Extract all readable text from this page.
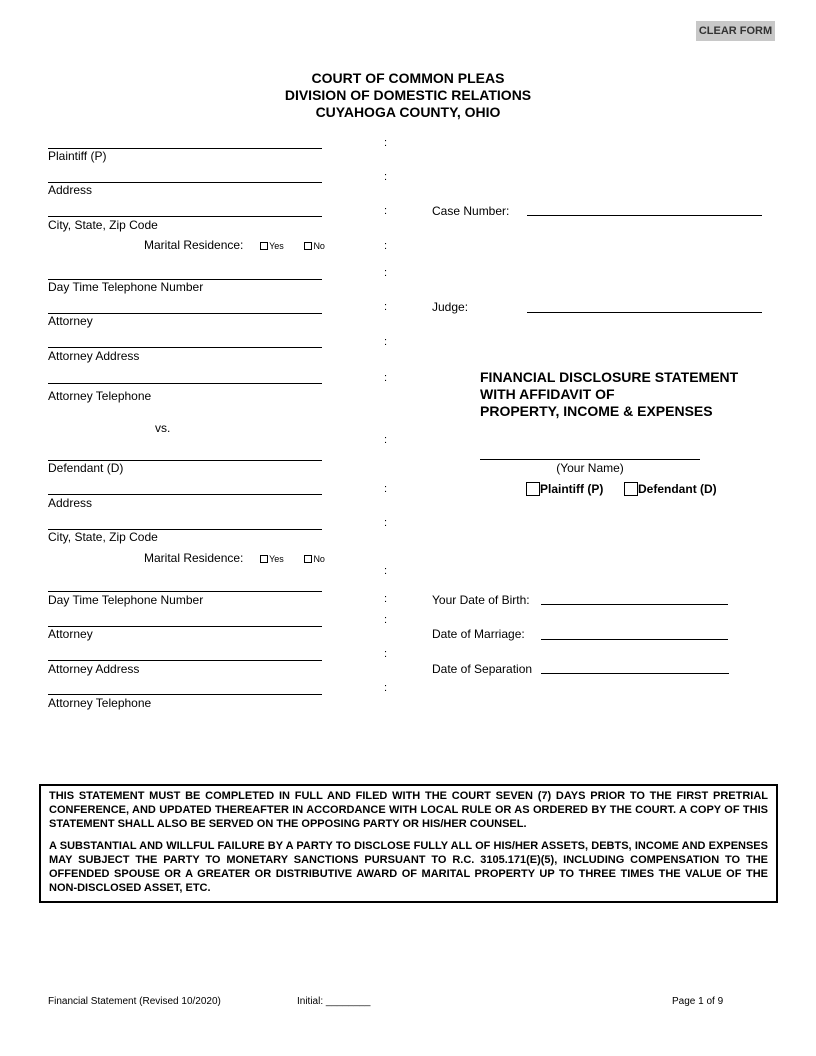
CLEAR FORM
COURT OF COMMON PLEAS
DIVISION OF DOMESTIC RELATIONS
CUYAHOGA COUNTY, OHIO
Plaintiff (P)
Address
City, State, Zip Code
Marital Residence:	Yes	No
Day Time Telephone Number
Attorney
Attorney Address
Attorney Telephone
vs.
Defendant (D)
Address
City, State, Zip Code
Marital Residence:	Yes	No
Day Time Telephone Number
Attorney
Attorney Address
Attorney Telephone
:
:
:
:
:
:
:
:
:
:
:
:
:
:
:
:
Case Number:
Judge:
FINANCIAL DISCLOSURE STATEMENT
WITH AFFIDAVIT OF
PROPERTY, INCOME & EXPENSES
(Your Name)
Plaintiff (P)	Defendant (D)
Your Date of Birth:
Date of Marriage:
Date of Separation

THIS STATEMENT MUST BE COMPLETED IN FULL AND FILED WITH THE COURT SEVEN (7) DAYS PRIOR TO THE FIRST PRETRIAL CONFERENCE, AND UPDATED THEREAFTER IN ACCORDANCE WITH LOCAL RULE OR AS ORDERED BY THE COURT. A COPY OF THIS STATEMENT SHALL ALSO BE SERVED ON THE OPPOSING PARTY OR HIS/HER COUNSEL.

A SUBSTANTIAL AND WILLFUL FAILURE BY A PARTY TO DISCLOSE FULLY ALL OF HIS/HER ASSETS, DEBTS, INCOME AND EXPENSES MAY SUBJECT THE PARTY TO MONETARY SANCTIONS PURSUANT TO R.C. 3105.171(E)(5), INCLUDING COMPENSATION TO THE OFFENDED SPOUSE OR A GREATER OR DISTRIBUTIVE AWARD OF MARITAL PROPERTY UP TO THREE TIMES THE VALUE OF THE NON-DISCLOSED ASSET, ETC.

Financial Statement (Revised 10/2020)	Initial: ________	Page 1 of 9
